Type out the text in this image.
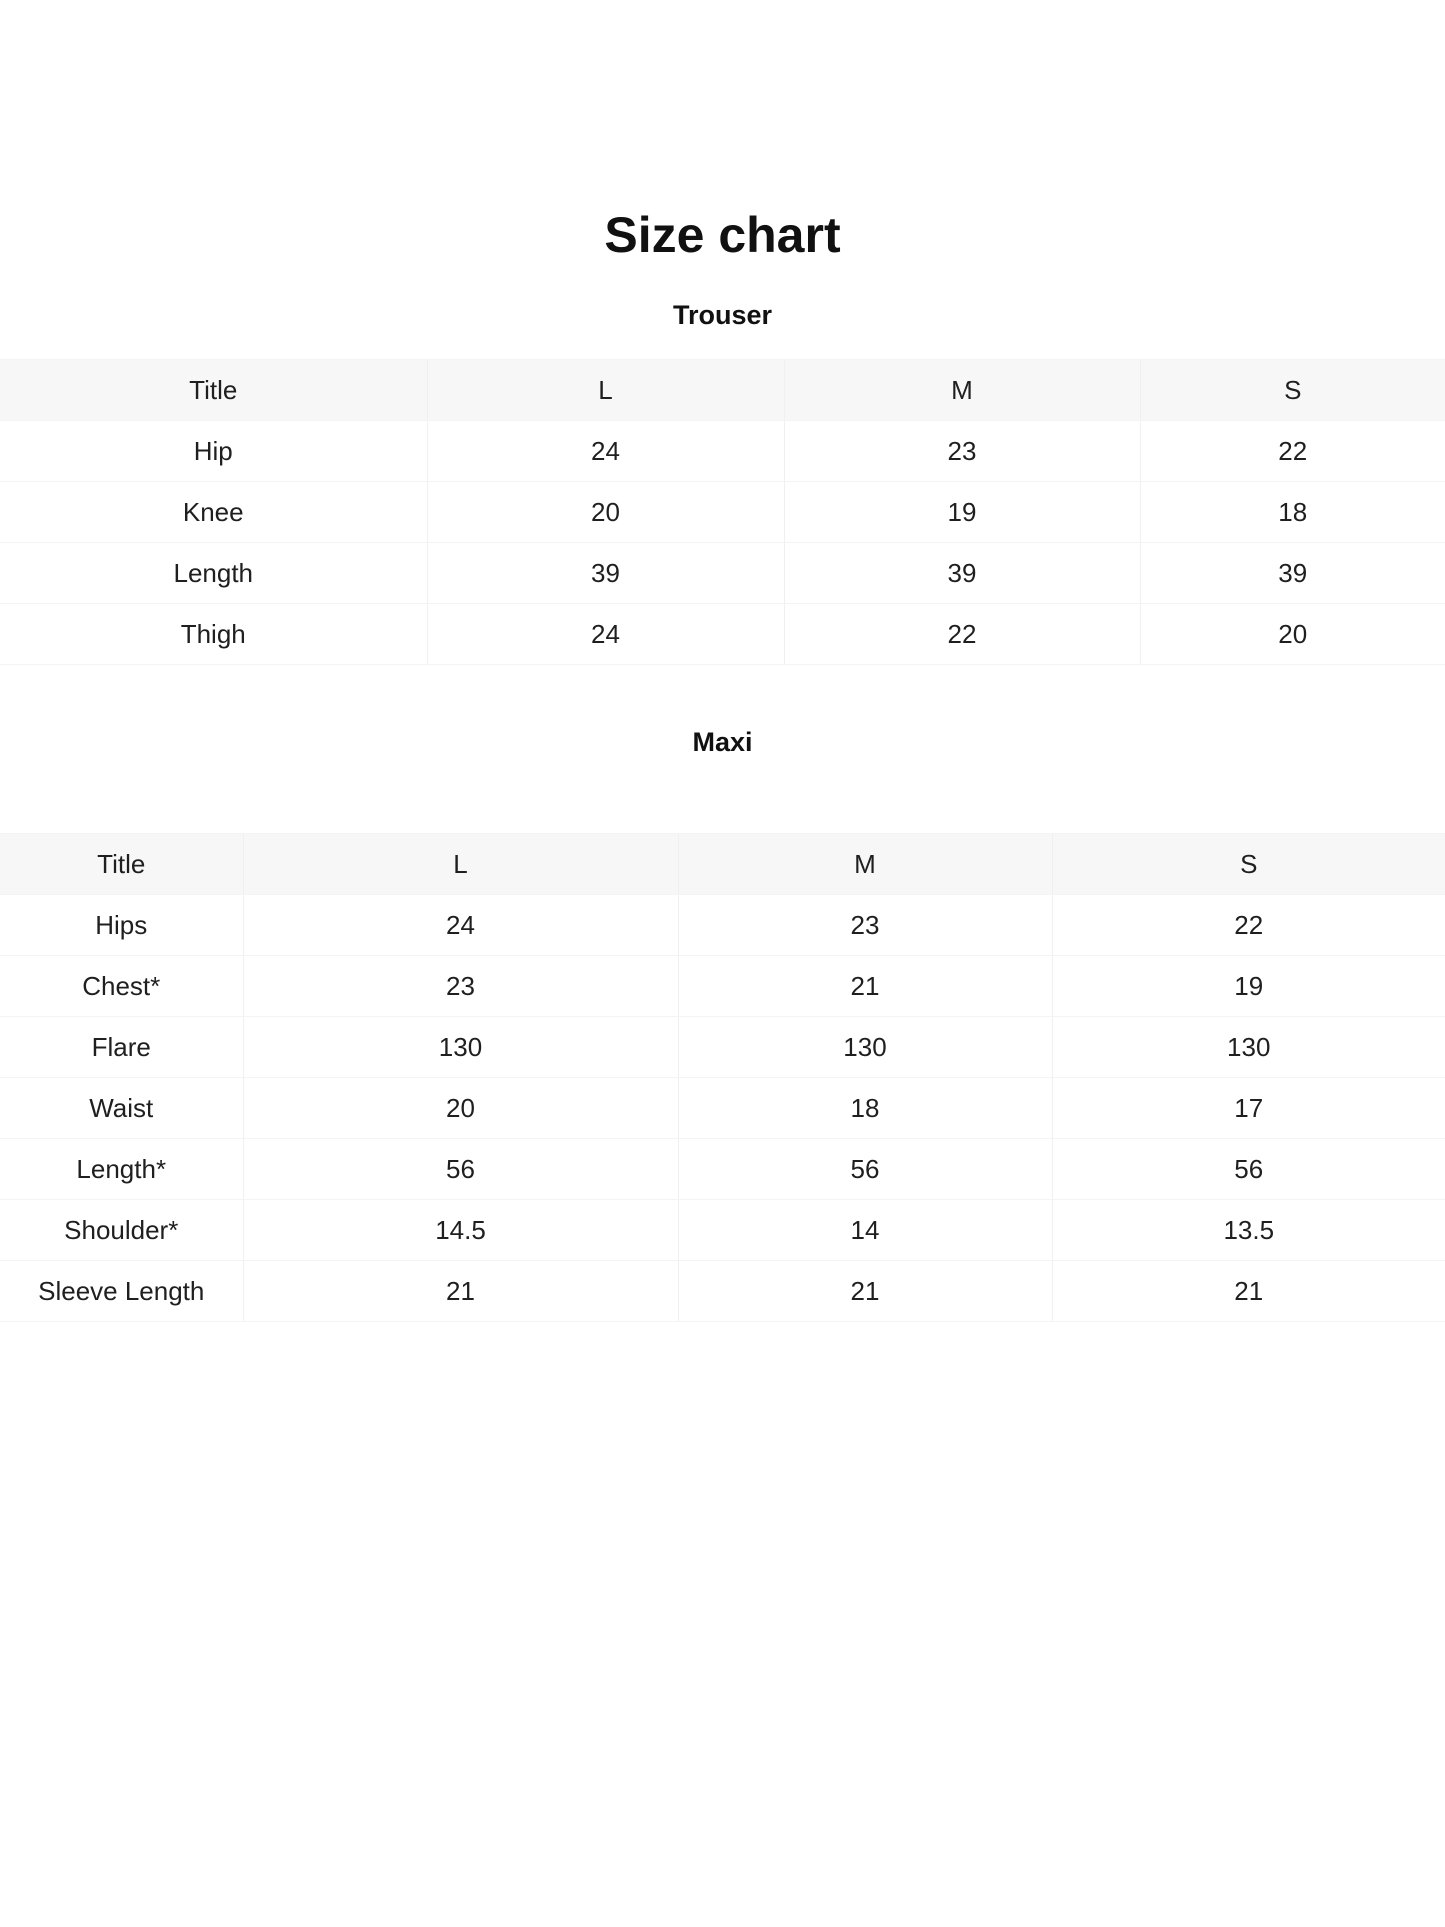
Size chart
Trouser
Title	L	M	S
Hip	24	23	22
Knee	20	19	18
Length	39	39	39
Thigh	24	22	20
Maxi
Title	L	M	S
Hips	24	23	22
Chest*	23	21	19
Flare	130	130	130
Waist	20	18	17
Length*	56	56	56
Shoulder*	14.5	14	13.5
Sleeve Length	21	21	21
